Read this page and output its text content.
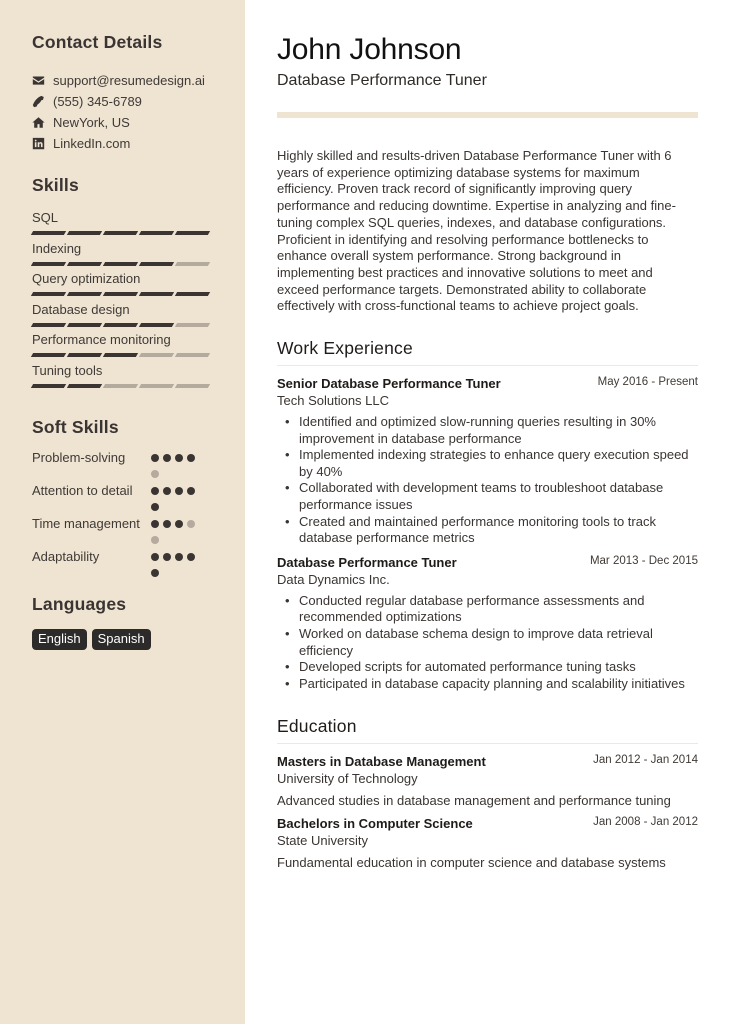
Contact Details
support@resumedesign.ai
(555) 345-6789
NewYork, US
LinkedIn.com
Skills
SQL
Indexing
Query optimization
Database design
Performance monitoring
Tuning tools
Soft Skills
Problem-solving
Attention to detail
Time management
Adaptability
Languages
English	Spanish
John Johnson
Database Performance Tuner

Highly skilled and results-driven Database Performance Tuner with 6 years of experience optimizing database systems for maximum efficiency. Proven track record of significantly improving query performance and reducing downtime. Expertise in analyzing and fine-tuning complex SQL queries, indexes, and database configurations. Proficient in identifying and resolving performance bottlenecks to enhance overall system performance. Strong background in implementing best practices and innovative solutions to meet and exceed performance targets. Demonstrated ability to collaborate effectively with cross-functional teams to achieve project goals.

Work Experience
Senior Database Performance Tuner	May 2016 - Present
Tech Solutions LLC
• Identified and optimized slow-running queries resulting in 30% improvement in database performance
• Implemented indexing strategies to enhance query execution speed by 40%
• Collaborated with development teams to troubleshoot database performance issues
• Created and maintained performance monitoring tools to track database performance metrics
Database Performance Tuner	Mar 2013 - Dec 2015
Data Dynamics Inc.
• Conducted regular database performance assessments and recommended optimizations
• Worked on database schema design to improve data retrieval efficiency
• Developed scripts for automated performance tuning tasks
• Participated in database capacity planning and scalability initiatives
Education
Masters in Database Management	Jan 2012 - Jan 2014
University of Technology
Advanced studies in database management and performance tuning
Bachelors in Computer Science	Jan 2008 - Jan 2012
State University
Fundamental education in computer science and database systems
